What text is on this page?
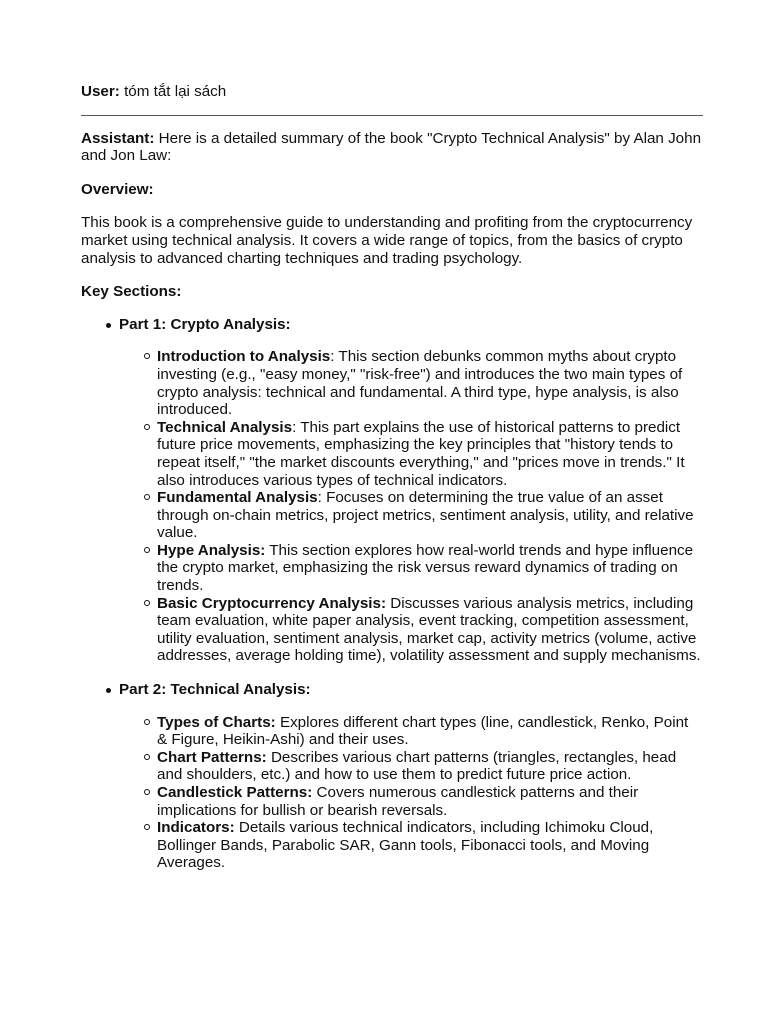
User: tóm tắt lại sách

Assistant: Here is a detailed summary of the book "Crypto Technical Analysis" by Alan John and Jon Law:

Overview:

This book is a comprehensive guide to understanding and profiting from the cryptocurrency market using technical analysis. It covers a wide range of topics, from the basics of crypto analysis to advanced charting techniques and trading psychology.

Key Sections:

Part 1: Crypto Analysis:
Introduction to Analysis: This section debunks common myths about crypto investing (e.g., "easy money," "risk-free") and introduces the two main types of crypto analysis: technical and fundamental. A third type, hype analysis, is also introduced.
Technical Analysis: This part explains the use of historical patterns to predict future price movements, emphasizing the key principles that "history tends to repeat itself," "the market discounts everything," and "prices move in trends." It also introduces various types of technical indicators.
Fundamental Analysis: Focuses on determining the true value of an asset through on-chain metrics, project metrics, sentiment analysis, utility, and relative value.
Hype Analysis: This section explores how real-world trends and hype influence the crypto market, emphasizing the risk versus reward dynamics of trading on trends.
Basic Cryptocurrency Analysis: Discusses various analysis metrics, including team evaluation, white paper analysis, event tracking, competition assessment, utility evaluation, sentiment analysis, market cap, activity metrics (volume, active addresses, average holding time), volatility assessment and supply mechanisms.
Part 2: Technical Analysis:
Types of Charts: Explores different chart types (line, candlestick, Renko, Point & Figure, Heikin-Ashi) and their uses.
Chart Patterns: Describes various chart patterns (triangles, rectangles, head and shoulders, etc.) and how to use them to predict future price action.
Candlestick Patterns: Covers numerous candlestick patterns and their implications for bullish or bearish reversals.
Indicators: Details various technical indicators, including Ichimoku Cloud, Bollinger Bands, Parabolic SAR, Gann tools, Fibonacci tools, and Moving Averages.
